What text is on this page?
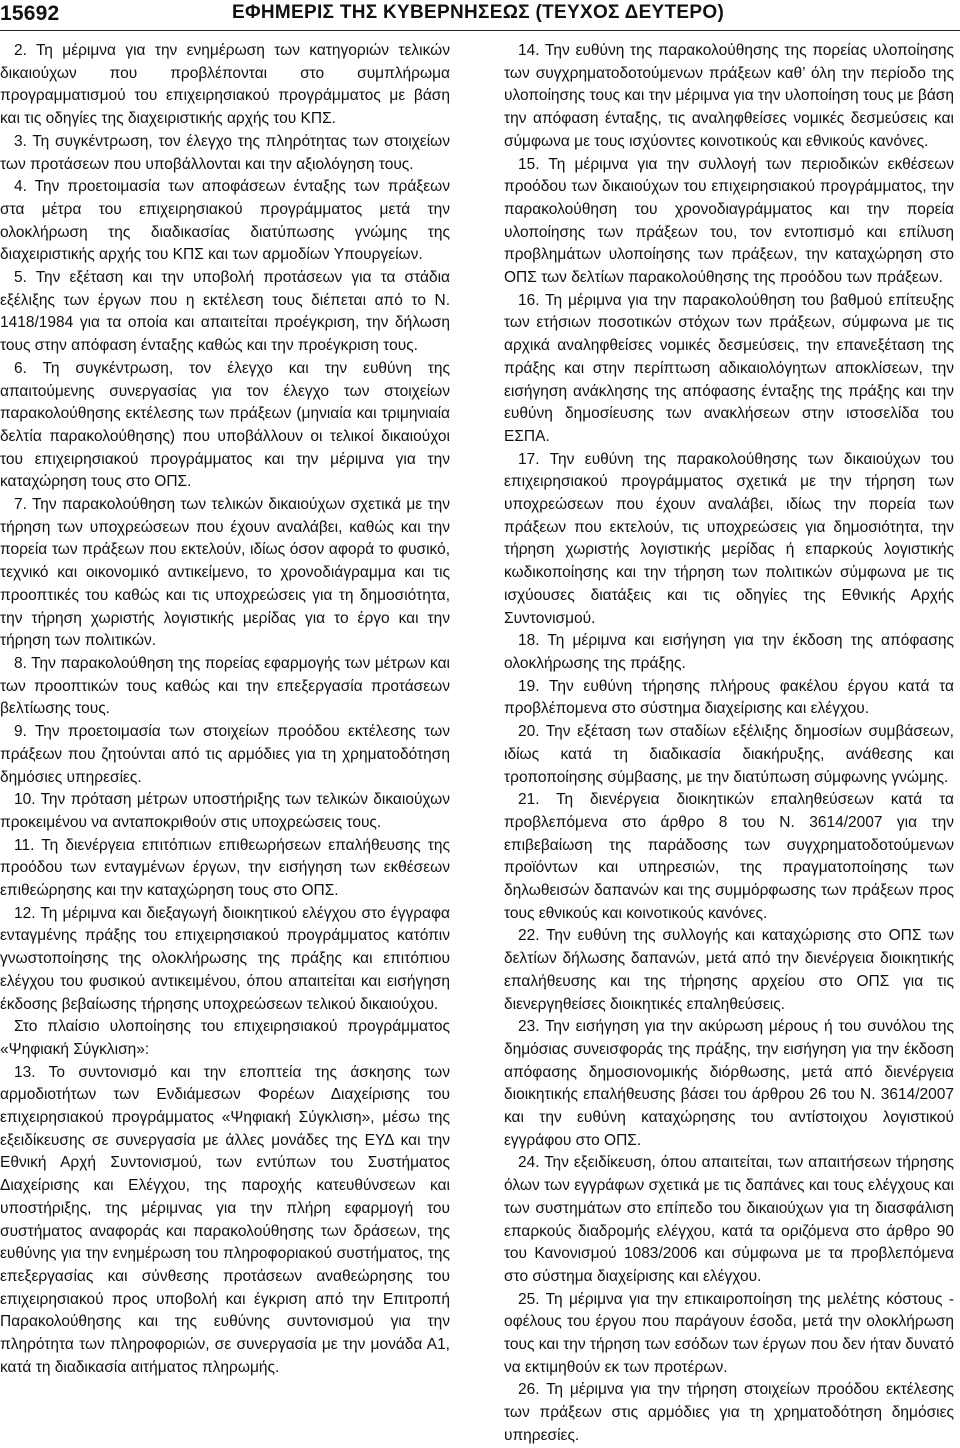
15692	ΕΦΗΜΕΡΙΣ ΤΗΣ ΚΥΒΕΡΝΗΣΕΩΣ (ΤΕΥΧΟΣ ΔΕΥΤΕΡΟ)

2. Τη μέριμνα για την ενημέρωση των κατηγοριών τελικών δικαιούχων που προβλέπονται στο συμπλήρωμα προγραμματισμού του επιχειρησιακού προγράμματος με βάση και τις οδηγίες της διαχειριστικής αρχής του ΚΠΣ.

3. Τη συγκέντρωση, τον έλεγχο της πληρότητας των στοιχείων των προτάσεων που υποβάλλονται και την αξιολόγηση τους.

4. Την προετοιμασία των αποφάσεων ένταξης των πράξεων στα μέτρα του επιχειρησιακού προγράμματος μετά την ολοκλήρωση της διαδικασίας διατύπωσης γνώμης της διαχειριστικής αρχής του ΚΠΣ και των αρμοδίων Υπουργείων.

5. Την εξέταση και την υποβολή προτάσεων για τα στάδια εξέλιξης των έργων που η εκτέλεση τους διέπεται από το Ν. 1418/1984 για τα οποία και απαιτείται προέγκριση, την δήλωση τους στην απόφαση ένταξης καθώς και την προέγκριση τους.

6. Τη συγκέντρωση, τον έλεγχο και την ευθύνη της απαιτούμενης συνεργασίας για τον έλεγχο των στοιχείων παρακολούθησης εκτέλεσης των πράξεων (μηνιαία και τριμηνιαία δελτία παρακολούθησης) που υποβάλλουν οι τελικοί δικαιούχοι του επιχειρησιακού προγράμματος και την μέριμνα για την καταχώρηση τους στο ΟΠΣ.

7. Την παρακολούθηση των τελικών δικαιούχων σχετικά με την τήρηση των υποχρεώσεων που έχουν αναλάβει, καθώς και την πορεία των πράξεων που εκτελούν, ιδίως όσον αφορά το φυσικό, τεχνικό και οικονομικό αντικείμενο, το χρονοδιάγραμμα και τις προοπτικές του καθώς και τις υποχρεώσεις για τη δημοσιότητα, την τήρηση χωριστής λογιστικής μερίδας για το έργο και την τήρηση των πολιτικών.

8. Την παρακολούθηση της πορείας εφαρμογής των μέτρων και των προοπτικών τους καθώς και την επεξεργασία προτάσεων βελτίωσης τους.

9. Την προετοιμασία των στοιχείων προόδου εκτέλεσης των πράξεων που ζητούνται από τις αρμόδιες για τη χρηματοδότηση δημόσιες υπηρεσίες.

10. Την πρόταση μέτρων υποστήριξης των τελικών δικαιούχων προκειμένου να ανταποκριθούν στις υποχρεώσεις τους.

11. Τη διενέργεια επιτόπιων επιθεωρήσεων επαλήθευσης της προόδου των ενταγμένων έργων, την εισήγηση των εκθέσεων επιθεώρησης και την καταχώρηση τους στο ΟΠΣ.

12. Τη μέριμνα και διεξαγωγή διοικητικού ελέγχου στο έγγραφα ενταγμένης πράξης του επιχειρησιακού προγράμματος κατόπιν γνωστοποίησης της ολοκλήρωσης της πράξης και επιτόπιου ελέγχου του φυσικού αντικειμένου, όπου απαιτείται και εισήγηση έκδοσης βεβαίωσης τήρησης υποχρεώσεων τελικού δικαιούχου.

Στο πλαίσιο υλοποίησης του επιχειρησιακού προγράμματος «Ψηφιακή Σύγκλιση»:

13. Το συντονισμό και την εποπτεία της άσκησης των αρμοδιοτήτων των Ενδιάμεσων Φορέων Διαχείρισης του επιχειρησιακού προγράμματος «Ψηφιακή Σύγκλιση», μέσω της εξειδίκευσης σε συνεργασία με άλλες μονάδες της ΕΥΔ και την Εθνική Αρχή Συντονισμού, των εντύπων του Συστήματος Διαχείρισης και Ελέγχου, της παροχής κατευθύνσεων και υποστήριξης, της μέριμνας για την πλήρη εφαρμογή του συστήματος αναφοράς και παρακολούθησης των δράσεων, της ευθύνης για την ενημέρωση του πληροφοριακού συστήματος, της επεξεργασίας και σύνθεσης προτάσεων αναθεώρησης του επιχειρησιακού προς υποβολή και έγκριση από την Επιτροπή Παρακολούθησης και της ευθύνης συντονισμού για την πληρότητα των πληροφοριών, σε συνεργασία με την μονάδα Α1, κατά τη διαδικασία αιτήματος πληρωμής.

14. Την ευθύνη της παρακολούθησης της πορείας υλοποίησης των συγχρηματοδοτούμενων πράξεων καθ’ όλη την περίοδο της υλοποίησης τους και την μέριμνα για την υλοποίηση τους με βάση την απόφαση ένταξης, τις αναληφθείσες νομικές δεσμεύσεις και σύμφωνα με τους ισχύοντες κοινοτικούς και εθνικούς κανόνες.

15. Τη μέριμνα για την συλλογή των περιοδικών εκθέσεων προόδου των δικαιούχων του επιχειρησιακού προγράμματος, την παρακολούθηση του χρονοδιαγράμματος και την πορεία υλοποίησης των πράξεων του, τον εντοπισμό και επίλυση προβλημάτων υλοποίησης των πράξεων, την καταχώρηση στο ΟΠΣ των δελτίων παρακολούθησης της προόδου των πράξεων.

16. Τη μέριμνα για την παρακολούθηση του βαθμού επίτευξης των ετήσιων ποσοτικών στόχων των πράξεων, σύμφωνα με τις αρχικά αναληφθείσες νομικές δεσμεύσεις, την επανεξέταση της πράξης και στην περίπτωση αδικαιολόγητων αποκλίσεων, την εισήγηση ανάκλησης της απόφασης ένταξης της πράξης και την ευθύνη δημοσίευσης των ανακλήσεων στην ιστοσελίδα του ΕΣΠΑ.

17. Την ευθύνη της παρακολούθησης των δικαιούχων του επιχειρησιακού προγράμματος σχετικά με την τήρηση των υποχρεώσεων που έχουν αναλάβει, ιδίως την πορεία των πράξεων που εκτελούν, τις υποχρεώσεις για δημοσιότητα, την τήρηση χωριστής λογιστικής μερίδας ή επαρκούς λογιστικής κωδικοποίησης και την τήρηση των πολιτικών σύμφωνα με τις ισχύουσες διατάξεις και τις οδηγίες της Εθνικής Αρχής Συντονισμού.

18. Τη μέριμνα και εισήγηση για την έκδοση της απόφασης ολοκλήρωσης της πράξης.

19. Την ευθύνη τήρησης πλήρους φακέλου έργου κατά τα προβλέπομενα στο σύστημα διαχείρισης και ελέγχου.

20. Την εξέταση των σταδίων εξέλιξης δημοσίων συμβάσεων, ιδίως κατά τη διαδικασία διακήρυξης, ανάθεσης και τροποποίησης σύμβασης, με την διατύπωση σύμφωνης γνώμης.

21. Τη διενέργεια διοικητικών επαληθεύσεων κατά τα προβλεπόμενα στο άρθρο 8 του Ν. 3614/2007 για την επιβεβαίωση της παράδοσης των συγχρηματοδοτούμενων προϊόντων και υπηρεσιών, της πραγματοποίησης των δηλωθεισών δαπανών και της συμμόρφωσης των πράξεων προς τους εθνικούς και κοινοτικούς κανόνες.

22. Την ευθύνη της συλλογής και καταχώρισης στο ΟΠΣ των δελτίων δήλωσης δαπανών, μετά από την διενέργεια διοικητικής επαλήθευσης και της τήρησης αρχείου στο ΟΠΣ για τις διενεργηθείσες διοικητικές επαληθεύσεις.

23. Την εισήγηση για την ακύρωση μέρους ή του συνόλου της δημόσιας συνεισφοράς της πράξης, την εισήγηση για την έκδοση απόφασης δημοσιονομικής διόρθωσης, μετά από διενέργεια διοικητικής επαλήθευσης βάσει του άρθρου 26 του Ν. 3614/2007 και την ευθύνη καταχώρησης του αντίστοιχου λογιστικού εγγράφου στο ΟΠΣ.

24. Την εξειδίκευση, όπου απαιτείται, των απαιτήσεων τήρησης όλων των εγγράφων σχετικά με τις δαπάνες και τους ελέγχους και των συστημάτων στο επίπεδο του δικαιούχων για τη διασφάλιση επαρκούς διαδρομής ελέγχου, κατά τα οριζόμενα στο άρθρο 90 του Κανονισμού 1083/2006 και σύμφωνα με τα προβλεπόμενα στο σύστημα διαχείρισης και ελέγχου.

25. Τη μέριμνα για την επικαιροποίηση της μελέτης κόστους - οφέλους του έργου που παράγουν έσοδα, μετά την ολοκλήρωση τους και την τήρηση των εσόδων των έργων που δεν ήταν δυνατό να εκτιμηθούν εκ των προτέρων.

26. Τη μέριμνα για την τήρηση στοιχείων προόδου εκτέλεσης των πράξεων στις αρμόδιες για τη χρηματοδότηση δημόσιες υπηρεσίες.
